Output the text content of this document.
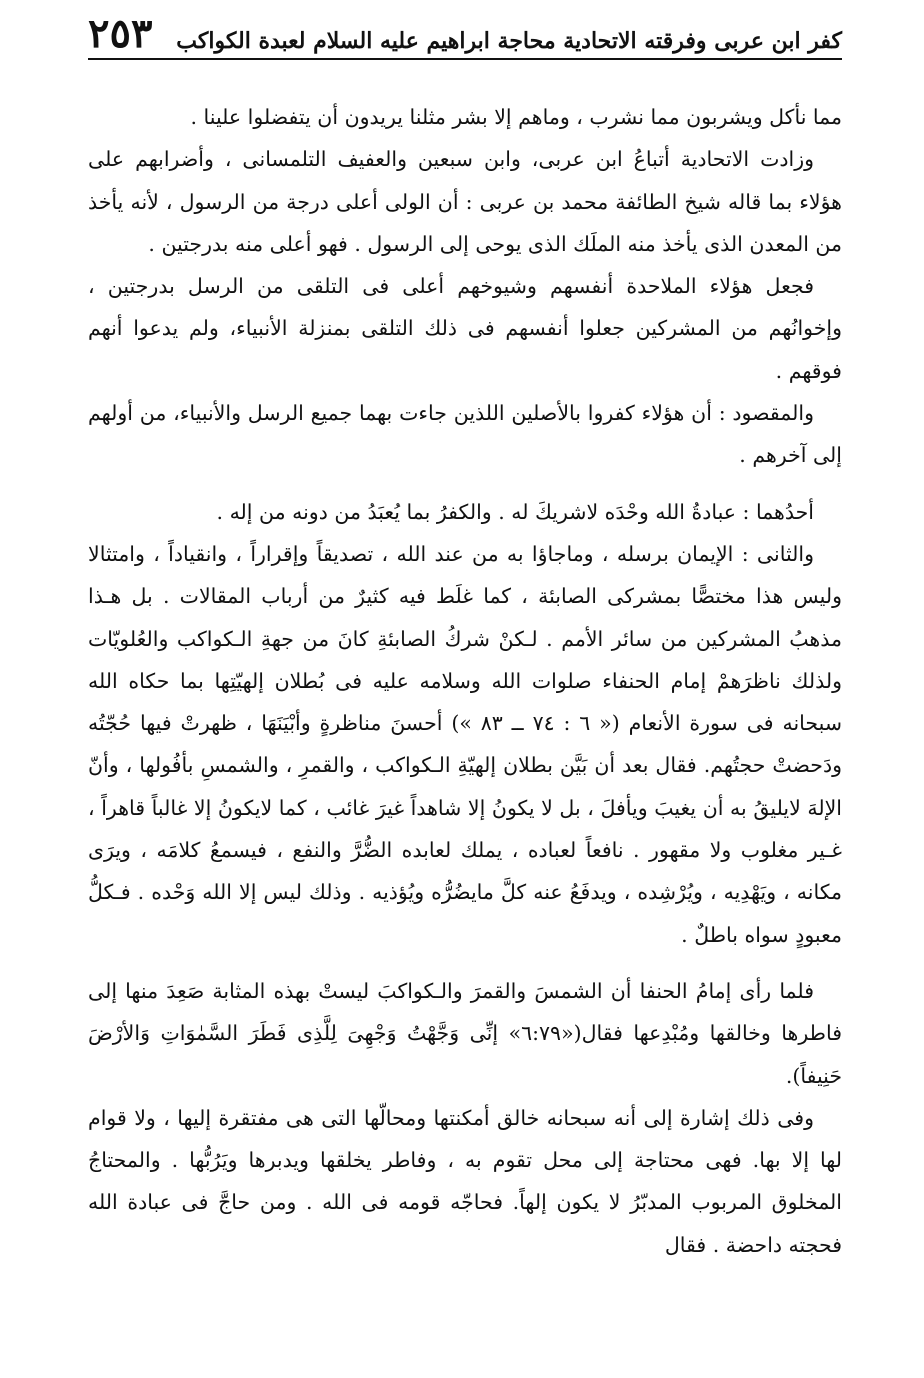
كفر ابن عربى وفرقته الاتحادية محاجة ابراهيم عليه السلام لعبدة الكواكب
٢٥٣

مما نأكل ويشربون مما نشرب ، وماهم إلا بشر مثلنا يريدون أن يتفضلوا علينا .

وزادت الاتحادية أتباعُ ابن عربى، وابن سبعين والعفيف التلمسانى ، وأضرابهم على هؤلاء بما قاله شيخ الطائفة محمد بن عربى : أن الولى أعلى درجة من الرسول ، لأنه يأخذ من المعدن الذى يأخذ منه الملَك الذى يوحى إلى الرسول . فهو أعلى منه بدرجتين .

فجعل هؤلاء الملاحدة أنفسهم وشيوخهم أعلى فى التلقى من الرسل بدرجتين ، وإخوانُهم من المشركين جعلوا أنفسهم فى ذلك التلقى بمنزلة الأنبياء، ولم يدعوا أنهم فوقهم .

والمقصود : أن هؤلاء كفروا بالأصلين اللذين جاءت بهما جميع الرسل والأنبياء، من أولهم إلى آخرهم .

أحدُهما : عبادةُ الله وحْدَه لاشريكَ له . والكفرُ بما يُعبَدُ من دونه من إله .

والثانى : الإيمان برسله ، وماجاؤا به من عند الله ، تصديقاً وإقراراً ، وانقياداً ، وامتثالا وليس هذا مختصًّا بمشركى الصابئة ، كما غلَط فيه كثيرٌ من أرباب المقالات . بل هـذا مذهبُ المشركين من سائر الأمم . لـكنْ شركُ الصابئةِ كانَ من جهةِ الـكواكب والعُلويّات ولذلك ناظرَهمْ إمام الحنفاء صلوات الله وسلامه عليه فى بُطلان إلهيّتِها بما حكاه الله سبحانه فى سورة الأنعام (« ٦ : ٧٤ ــ ٨٣ ») أحسنَ مناظرةٍ وأبْيَنَهَا ، ظهرتْ فيها حُجّتُه ودَحضتْ حجتُهم. فقال بعد أن بَيَّن بطلان إلهيّةِ الـكواكب ، والقمرِ ، والشمسِ بأفُولها ، وأنّ الإلهَ لايليقُ به أن يغيبَ ويأفلَ ، بل لا يكونُ إلا شاهداً غيرَ غائب ، كما لايكونُ إلا غالباً قاهراً ، غـير مغلوب ولا مقهور . نافعاً لعباده ، يملك لعابده الضُّرَّ والنفع ، فيسمعُ كلامَه ، ويرَى مكانه ، ويَهْدِيه ، ويُرْشِده ، ويدفَعُ عنه كلَّ مايضُرُّه ويُؤذيه . وذلك ليس إلا الله وَحْده . فـكلُّ معبودٍ سواه باطلٌ .

فلما رأى إمامُ الحنفا أن الشمسَ والقمرَ والـكواكبَ ليستْ بهذه المثابة صَعِدَ منها إلى فاطرها وخالقها ومُبْدِعها فقال(«٦:٧٩» إنِّى وَجَّهْتُ وَجْهِىَ لِلَّذِى فَطَرَ السَّمٰوَاتِ وَالأرْضَ حَنِيفاً).

وفى ذلك إشارة إلى أنه سبحانه خالق أمكنتها ومحالّها التى هى مفتقرة إليها ، ولا قوام لها إلا بها. فهى محتاجة إلى محل تقوم به ، وفاطر يخلقها ويدبرها ويَرُبُّها . والمحتاجُ المخلوق المربوب المدبّرُ لا يكون إلهاً. فحاجّه قومه فى الله . ومن حاجَّ فى عبادة الله فحجته داحضة . فقال
